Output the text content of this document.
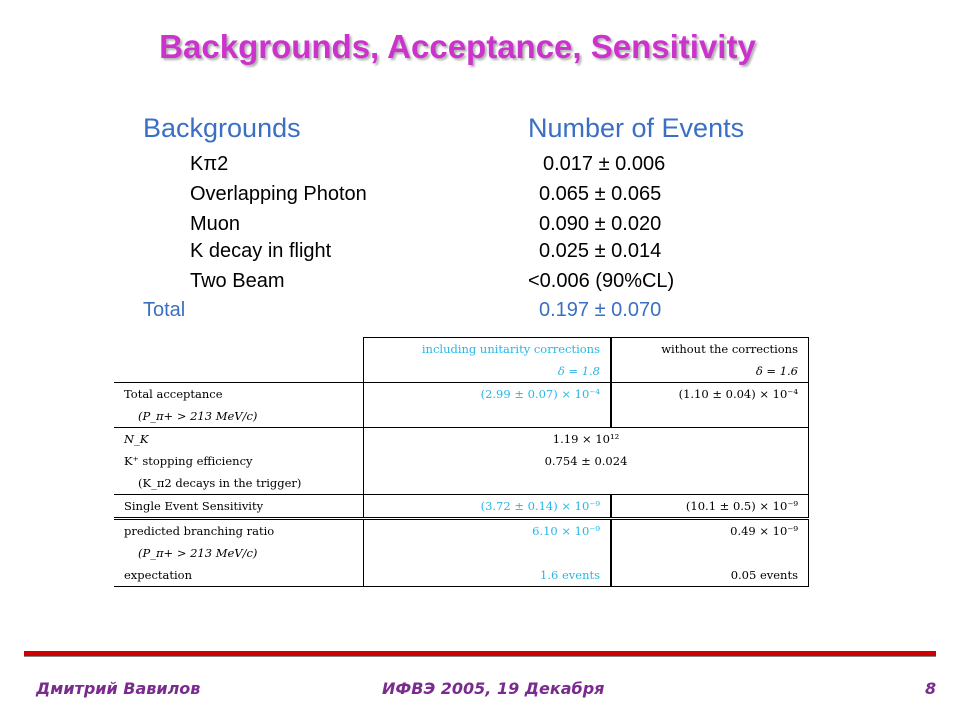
Backgrounds, Acceptance, Sensitivity
Backgrounds	Number of Events
Kπ2	0.017 ± 0.006
Overlapping Photon	0.065 ± 0.065
Muon	0.090 ± 0.020
K decay in flight	0.025 ± 0.014
Two Beam	<0.006 (90%CL)
Total	0.197 ± 0.070
	including unitarity corrections	without the corrections
	δ = 1.8	δ = 1.6
Total acceptance	(2.99 ± 0.07) × 10⁻⁴	(1.10 ± 0.04) × 10⁻⁴
(P_π+ > 213 MeV/c)		
N_K	1.19 × 10¹²	
K⁺ stopping efficiency	0.754 ± 0.024	
(K_π2 decays in the trigger)		
Single Event Sensitivity	(3.72 ± 0.14) × 10⁻⁹	(10.1 ± 0.5) × 10⁻⁹
predicted branching ratio	6.10 × 10⁻⁹	0.49 × 10⁻⁹
(P_π+ > 213 MeV/c)		
expectation	1.6 events	0.05 events
Дмитрий Вавилов	ИФВЭ 2005, 19 Декабря	8
